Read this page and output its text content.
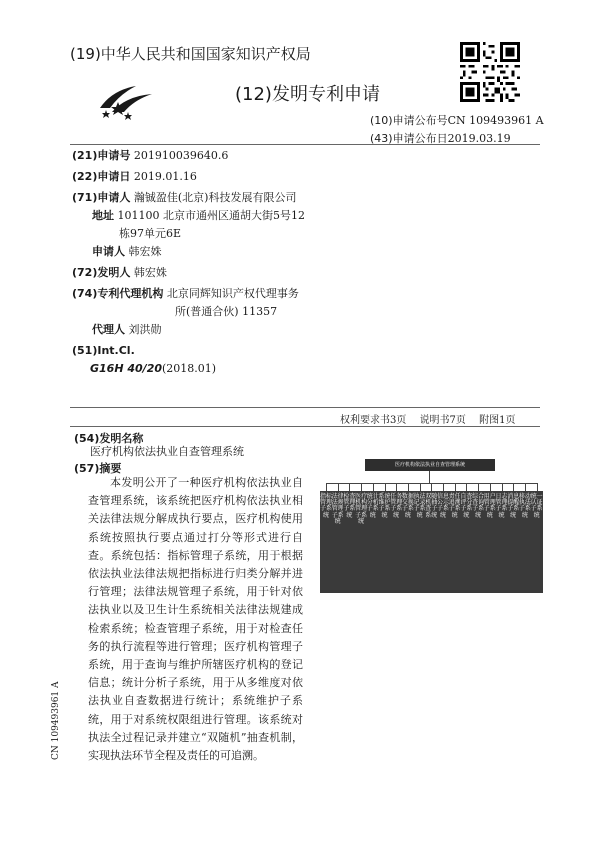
(19)中华人民共和国国家知识产权局
(12)发明专利申请
(10)申请公布号CN 109493961 A
(43)申请公布日2019.03.19
(21)申请号 201910039640.6
(22)申请日 2019.01.16
(71)申请人 瀚铖盈佳(北京)科技发展有限公司
地址 101100 北京市通州区通胡大街5号12
栋97单元6E
申请人 韩宏姝
(72)发明人 韩宏姝
(74)专利代理机构 北京同辉知识产权代理事务
所(普通合伙) 11357
代理人 刘洪勋
(51)Int.Cl.
G16H 40/20(2018.01)
权利要求书3页 说明书7页 附图1页
(54)发明名称
医疗机构依法执业自查管理系统
(57)摘要
本发明公开了一种医疗机构依法执业自查管理系统，该系统把医疗机构依法执业相关法律法规分解成执行要点，医疗机构使用系统按照执行要点通过打分等形式进行自查。系统包括：指标管理子系统，用于根据依法执业法律法规把指标进行归类分解并进行管理；法律法规管理子系统，用于针对依法执业以及卫生计生系统相关法律法规建成检索系统；检查管理子系统，用于对检查任务的执行流程等进行管理；医疗机构管理子系统，用于查询与维护所辖医疗机构的登记信息；统计分析子系统，用于从多维度对依法执业自查数据进行统计；系统维护子系统，用于对系统权限组进行管理。该系统对执法全过程记录并建立“双随机”抽查机制，实现执法环节全程及责任的可追溯。
CN 109493961 A
医疗机构依法执业自查管理系统
指标管理子系统
法律法规管理子系统
检查管理子系统
医疗机构管理子系统
统计分析子系统
系统维护子系统
任务管理子系统
数据交换子系统
执法记录子系统
双随机抽查子系统
信息公示子系统
责任追溯子系统
自查评分子系统
综合查询子系统
用户管理子系统
日志管理子系统
消息提醒子系统
移动执法子系统
统一认证子系统
